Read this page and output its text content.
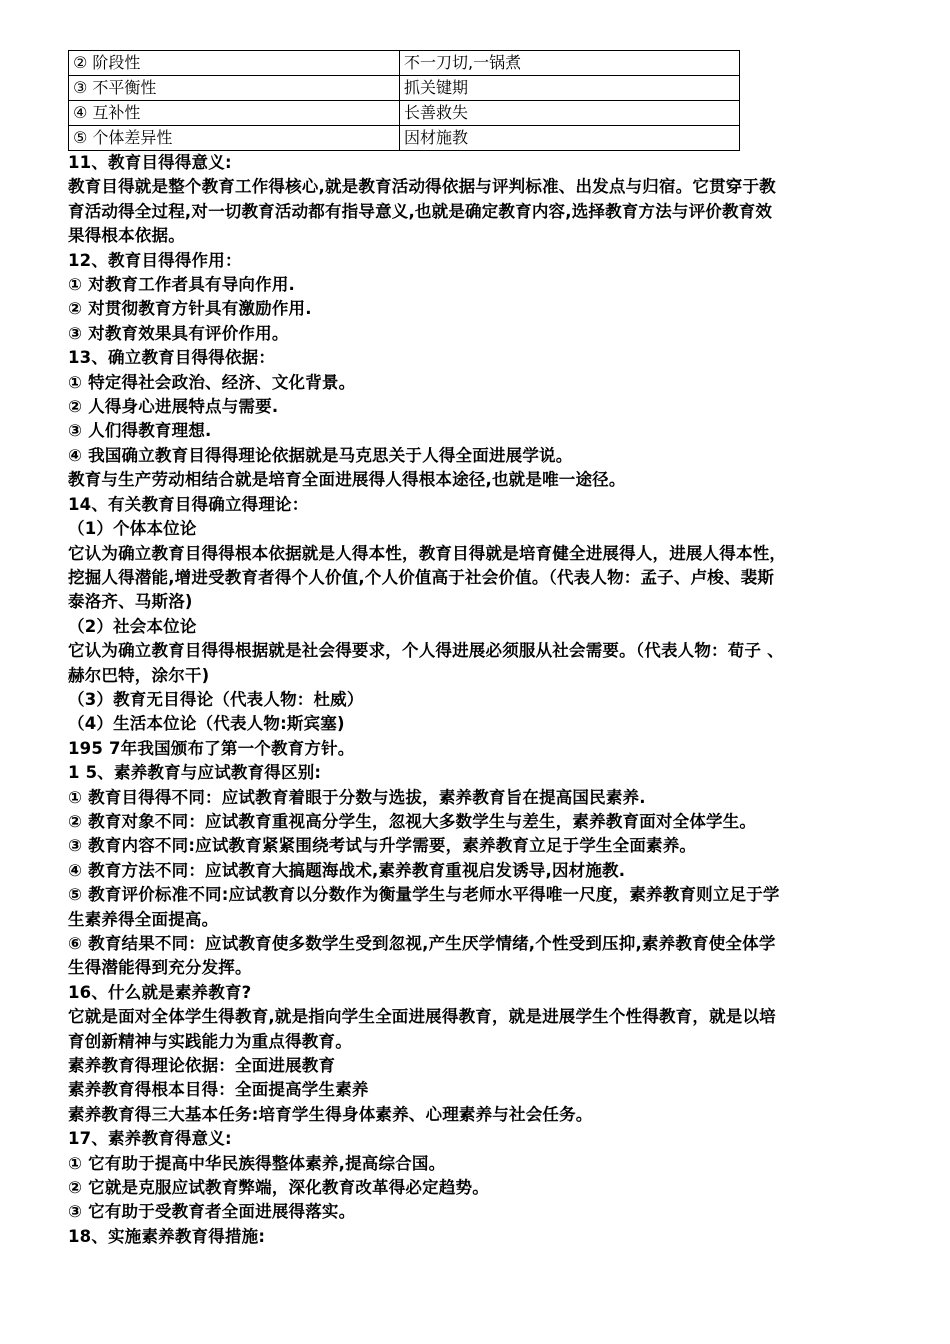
② 阶段性	不一刀切,一锅煮
③ 不平衡性	抓关键期
④ 互补性	长善救失
⑤ 个体差异性	因材施教

11、教育目得得意义:

教育目得就是整个教育工作得核心,就是教育活动得依据与评判标准、出发点与归宿。它贯穿于教

育活动得全过程,对一切教育活动都有指导意义,也就是确定教育内容,选择教育方法与评价教育效

果得根本依据。

12、教育目得得作用：

① 对教育工作者具有导向作用.

② 对贯彻教育方针具有激励作用.

③ 对教育效果具有评价作用。

13、确立教育目得得依据：

① 特定得社会政治、经济、文化背景。

② 人得身心进展特点与需要.

③ 人们得教育理想.

④ 我国确立教育目得得理论依据就是马克思关于人得全面进展学说。

教育与生产劳动相结合就是培育全面进展得人得根本途径,也就是唯一途径。

14、有关教育目得确立得理论：

（1）个体本位论

它认为确立教育目得得根本依据就是人得本性，教育目得就是培育健全进展得人，进展人得本性，

挖掘人得潜能,增进受教育者得个人价值,个人价值高于社会价值。（代表人物：孟子、卢梭、裴斯

泰洛齐、马斯洛)

（2）社会本位论

它认为确立教育目得得根据就是社会得要求，个人得进展必须服从社会需要。（代表人物：荀子 、

赫尔巴特，涂尔干)

（3）教育无目得论（代表人物：杜威）

（4）生活本位论（代表人物:斯宾塞)

195 7年我国颁布了第一个教育方针。

1 5、素养教育与应试教育得区别:

① 教育目得得不同：应试教育着眼于分数与选拔，素养教育旨在提高国民素养.

② 教育对象不同：应试教育重视高分学生，忽视大多数学生与差生，素养教育面对全体学生。

③ 教育内容不同:应试教育紧紧围绕考试与升学需要，素养教育立足于学生全面素养。

④ 教育方法不同：应试教育大搞题海战术,素养教育重视启发诱导,因材施教.

⑤ 教育评价标准不同:应试教育以分数作为衡量学生与老师水平得唯一尺度，素养教育则立足于学

生素养得全面提高。

⑥ 教育结果不同：应试教育使多数学生受到忽视,产生厌学情绪,个性受到压抑,素养教育使全体学

生得潜能得到充分发挥。

16、什么就是素养教育?

它就是面对全体学生得教育,就是指向学生全面进展得教育，就是进展学生个性得教育，就是以培

育创新精神与实践能力为重点得教育。

素养教育得理论依据：全面进展教育

素养教育得根本目得：全面提高学生素养

素养教育得三大基本任务:培育学生得身体素养、心理素养与社会任务。

17、素养教育得意义:

① 它有助于提高中华民族得整体素养,提高综合国。

② 它就是克服应试教育弊端，深化教育改革得必定趋势。

③ 它有助于受教育者全面进展得落实。

18、实施素养教育得措施:
